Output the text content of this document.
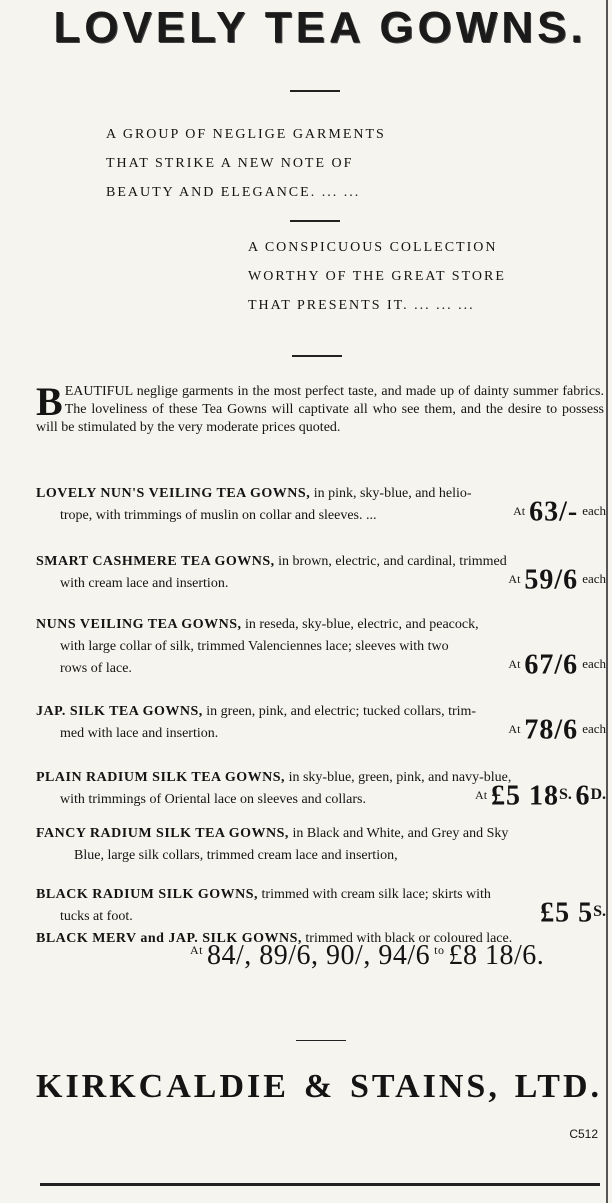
LOVELY TEA GOWNS.
A GROUP OF NEGLIGE GARMENTS
THAT STRIKE A NEW NOTE OF
BEAUTY AND ELEGANCE. ... ...
A CONSPICUOUS COLLECTION
WORTHY OF THE GREAT STORE
THAT PRESENTS IT. ... ... ...
BEAUTIFUL neglige garments in the most perfect taste, and made up of dainty summer fabrics. The loveliness of these Tea Gowns will captivate all who see them, and the desire to possess will be stimulated by the very moderate prices quoted.
LOVELY NUN'S VEILING TEA GOWNS, in pink, sky-blue, and helio-
trope, with trimmings of muslin on collar and sleeves. ...	At 63/- each
SMART CASHMERE TEA GOWNS, in brown, electric, and cardinal, trimmed
with cream lace and insertion.	At 59/6 each
NUNS VEILING TEA GOWNS, in reseda, sky-blue, electric, and peacock,
with large collar of silk, trimmed Valenciennes lace; sleeves with two
rows of lace.	At 67/6 each
JAP. SILK TEA GOWNS, in green, pink, and electric; tucked collars, trim-
med with lace and insertion.	At 78/6 each
PLAIN RADIUM SILK TEA GOWNS, in sky-blue, green, pink, and navy-blue,
with trimmings of Oriental lace on sleeves and collars.	At £5 18S. 6D.
FANCY RADIUM SILK TEA GOWNS, in Black and White, and Grey and Sky
Blue, large silk collars, trimmed cream lace and insertion,
BLACK RADIUM SILK GOWNS, trimmed with cream silk lace; skirts with
tucks at foot.	£5 5S.
BLACK MERV and JAP. SILK GOWNS, trimmed with black or coloured lace.
$^{At}$ 84/, 89/6, 90/, 94/6 $^{to}$ £8 18/6.
KIRKCALDIE & STAINS, LTD.
C512
